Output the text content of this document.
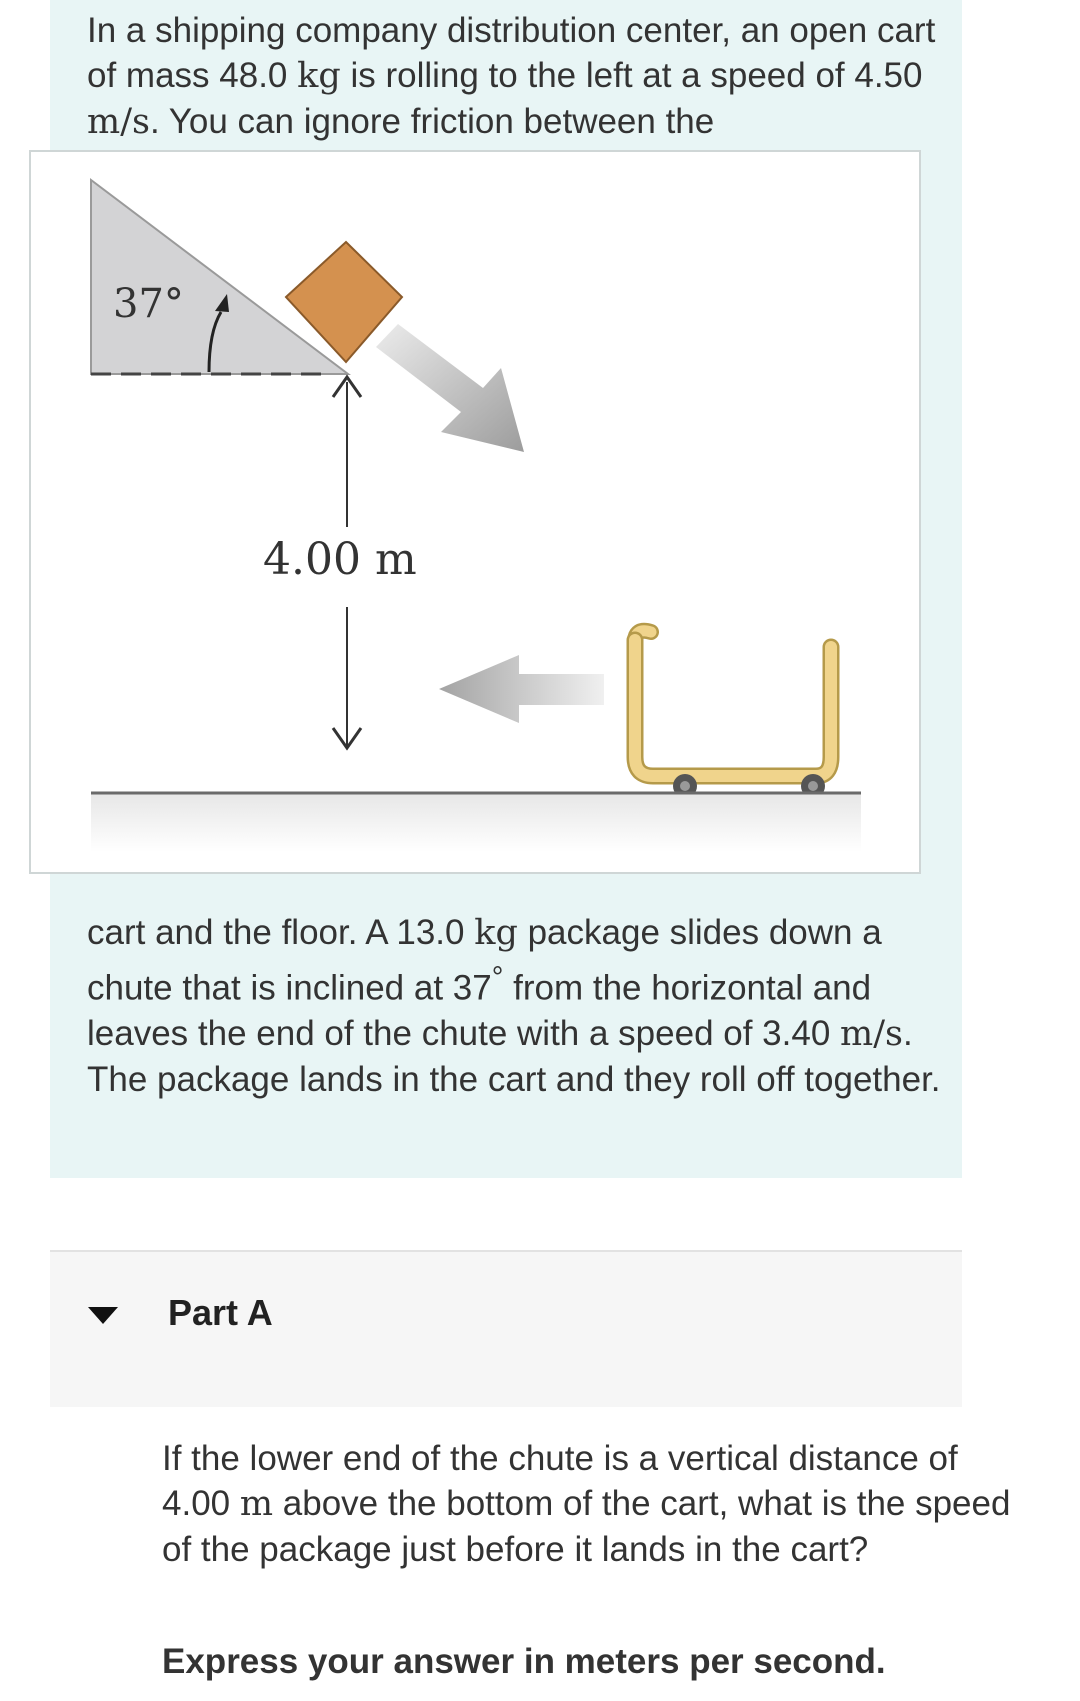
In a shipping company distribution center, an open cart of mass 48.0 kg is rolling to the left at a speed of 4.50 m/s. You can ignore friction between the

37°
4.00 m

cart and the floor. A 13.0 kg package slides down a chute that is inclined at 37° from the horizontal and leaves the end of the chute with a speed of 3.40 m/s. The package lands in the cart and they roll off together.

Part A

If the lower end of the chute is a vertical distance of 4.00 m above the bottom of the cart, what is the speed of the package just before it lands in the cart?

Express your answer in meters per second.
